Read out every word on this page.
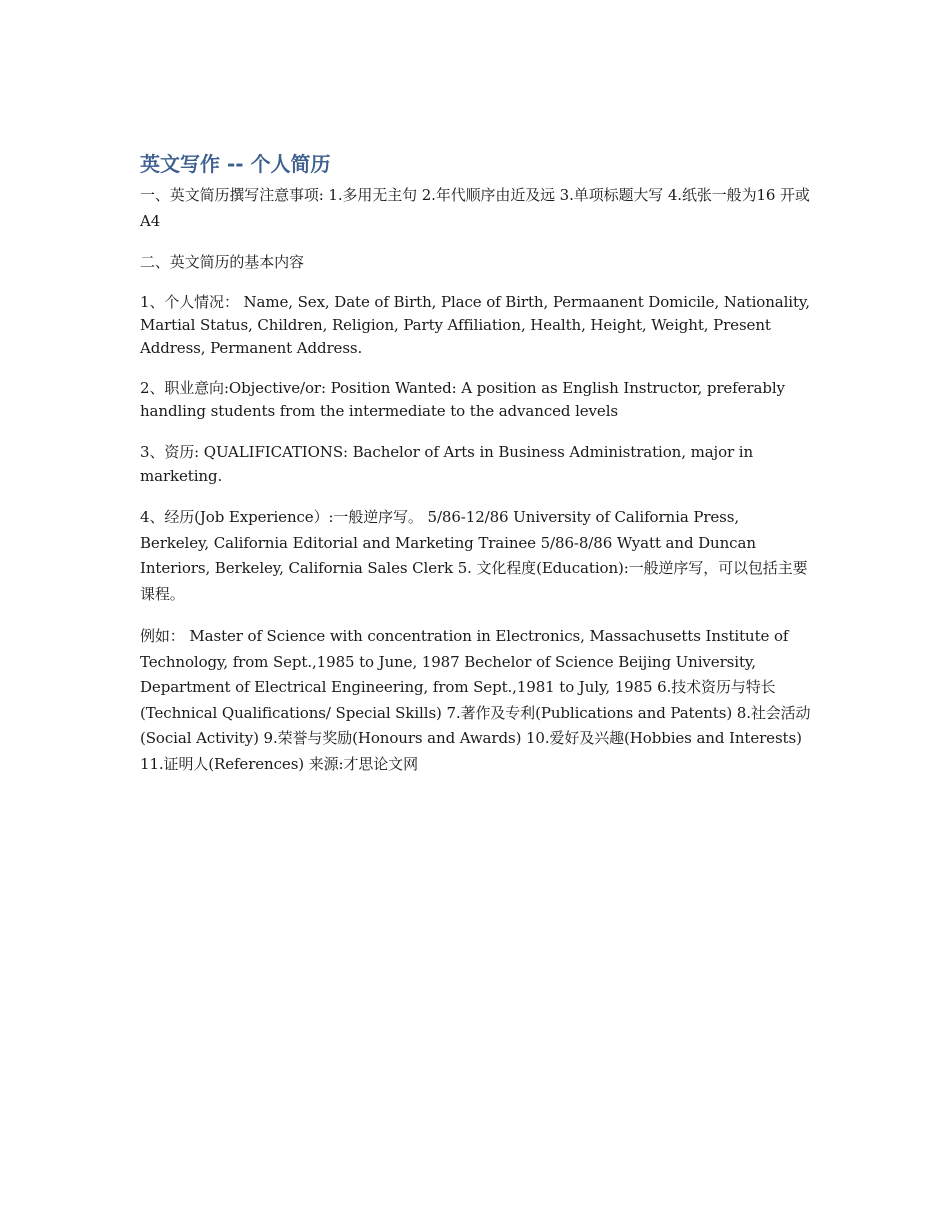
英文写作 -- 个人简历

一、英文简历撰写注意事项: 1.多用无主句 2.年代顺序由近及远 3.单项标题大写 4.纸张一般为16 开或 A4

二、英文简历的基本内容

1、个人情况： Name, Sex, Date of Birth, Place of Birth, Permaanent Domicile, Nationality, Martial Status, Children, Religion, Party Affiliation, Health, Height, Weight, Present Address, Permanent Address.

2、职业意向:Objective/or: Position Wanted: A position as English Instructor, preferably handling students from the intermediate to the advanced levels

3、资历: QUALIFICATIONS: Bachelor of Arts in Business Administration, major in marketing.

4、经历(Job Experience）:一般逆序写。 5/86-12/86 University of California Press, Berkeley, California Editorial and Marketing Trainee 5/86-8/86 Wyatt and Duncan Interiors, Berkeley, California Sales Clerk 5. 文化程度(Education):一般逆序写，可以包括主要课程。

例如： Master of Science with concentration in Electronics, Massachusetts Institute of Technology, from Sept.,1985 to June, 1987 Bechelor of Science Beijing University, Department of Electrical Engineering, from Sept.,1981 to July, 1985 6.技术资历与特长(Technical Qualifications/ Special Skills) 7.著作及专利(Publications and Patents) 8.社会活动(Social Activity) 9.荣誉与奖励(Honours and Awards) 10.爱好及兴趣(Hobbies and Interests) 11.证明人(References) 来源:才思论文网
